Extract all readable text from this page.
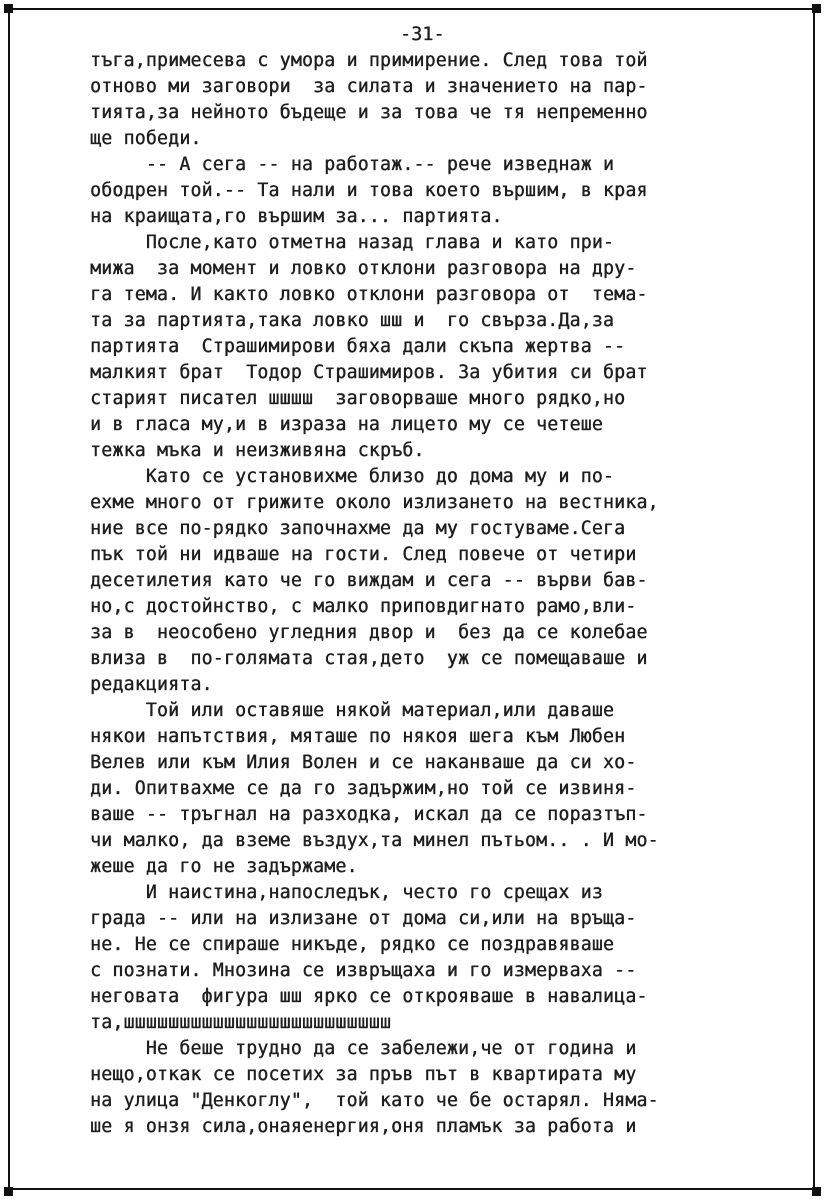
-31-
тъга,примесева с умора и примирение. След това той
отново ми заговори  за силата и значението на пар-
тията,за нейното бъдеще и за това че тя непременно
ще победи.
-- А сега -- на работаж.-- рече изведнаж и
ободрен той.-- Та нали и това което вършим, в края
на краищата,го вършим за... партията.
После,като отметна назад глава и като при-
мижа  за момент и ловко отклони разговора на дру-
га тема. И както ловко отклони разговора от  тема-
та за партията,така ловко шш и  го свърза.Да,за
партията  Страшимирови бяха дали скъпа жертва --
малкият брат  Тодор Страшимиров. За убития си брат
старият писател шшшш  заговорваше много рядко,но
и в гласа му,и в израза на лицето му се четеше
тежка мъка и неизживяна скръб.
Като се установихме близо до дома му и по-
ехме много от грижите около излизането на вестника,
ние все по-рядко започнахме да му гостуваме.Сега
пък той ни идваше на гости. След повече от четири
десетилетия като че го виждам и сега -- върви бав-
но,с достойнство, с малко приповдигнато рамо,вли-
за в  неособено угледния двор и  без да се колебае
влиза в  по-голямата стая,дето  уж се помещаваше и
редакцията.
Той или оставяше някой материал,или даваше
някои напътствия, мяташе по някоя шега към Любен
Велев или към Илия Волен и се наканваше да си хо-
ди. Опитвахме се да го задържим,но той се извиня-
ваше -- тръгнал на разходка, искал да се поразтъп-
чи малко, да вземе въздух,та минел пътьом.. . И мо-
жеше да го не задържаме.
И наистина,напоследък, често го срещах из
града -- или на излизане от дома си,или на връща-
не. Не се спираше никъде, рядко се поздравяваше
с познати. Мнозина се извръщаха и го измерваха --
неговата  фигура шш ярко се открояваше в навалица-
та,шшшшшшшшшшшшшшшшшшшшшшшш
Не беше трудно да се забележи,че от година и
нещо,откак се посетих за пръв път в квартирата му
на улица "Денкоглу",  той като че бе остарял. Няма-
ше я онзя сила,онаяенергия,оня пламък за работа и
